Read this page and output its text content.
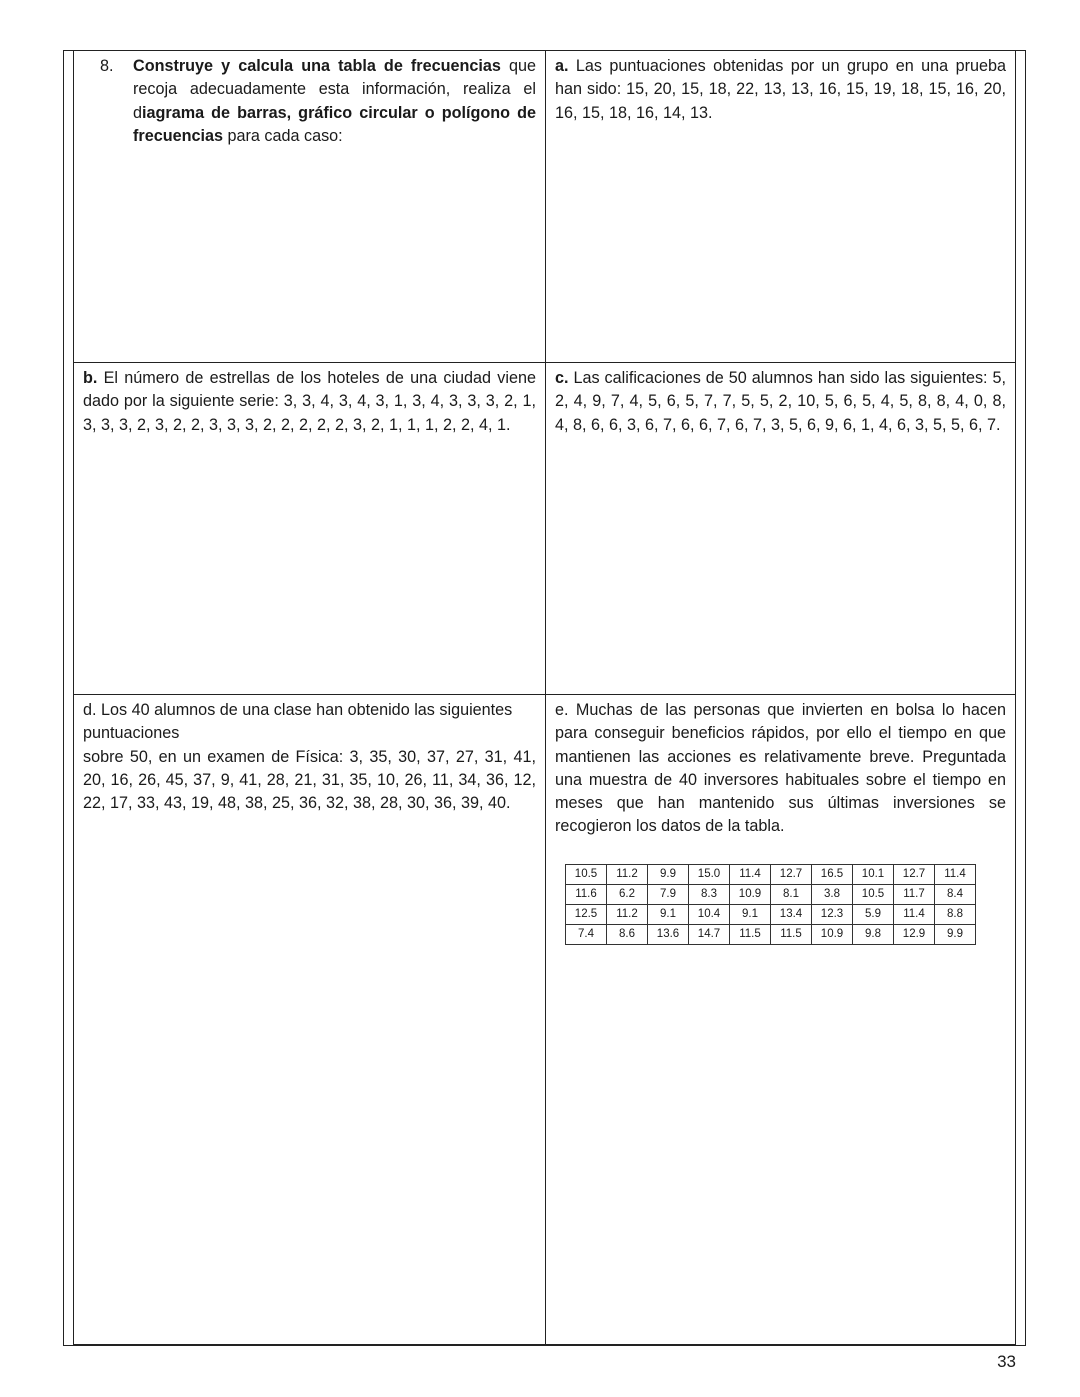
8.	Construye y calcula una tabla de frecuencias que recoja adecuadamente esta información, realiza el diagrama de barras, gráfico circular o polígono de frecuencias para cada caso:
a. Las puntuaciones obtenidas por un grupo en una prueba han sido: 15, 20, 15, 18, 22, 13, 13, 16, 15, 19, 18, 15, 16, 20, 16, 15, 18, 16, 14, 13.
b. El número de estrellas de los hoteles de una ciudad viene dado por la siguiente serie: 3, 3, 4, 3, 4, 3, 1, 3, 4, 3, 3, 3, 2, 1, 3, 3, 3, 2, 3, 2, 2, 3, 3, 3, 2, 2, 2, 2, 2, 3, 2, 1, 1, 1, 2, 2, 4, 1.
c. Las calificaciones de 50 alumnos han sido las siguientes: 5, 2, 4, 9, 7, 4, 5, 6, 5, 7, 7, 5, 5, 2, 10, 5, 6, 5, 4, 5, 8, 8, 4, 0, 8, 4, 8, 6, 6, 3, 6, 7, 6, 6, 7, 6, 7, 3, 5, 6, 9, 6, 1, 4, 6, 3, 5, 5, 6, 7.
d. Los 40 alumnos de una clase han obtenido las siguientes puntuaciones
sobre 50, en un examen de Física: 3, 35, 30, 37, 27, 31, 41, 20, 16, 26, 45, 37, 9, 41, 28, 21, 31, 35, 10, 26, 11, 34, 36, 12, 22, 17, 33, 43, 19, 48, 38, 25, 36, 32, 38, 28, 30, 36, 39, 40.
e. Muchas de las personas que invierten en bolsa lo hacen para conseguir beneficios rápidos, por ello el tiempo en que mantienen las acciones es relativamente breve. Preguntada una muestra de 40 inversores habituales sobre el tiempo en meses que han mantenido sus últimas inversiones se recogieron los datos de la tabla.
10.5	11.2	9.9	15.0	11.4	12.7	16.5	10.1	12.7	11.4
11.6	6.2	7.9	8.3	10.9	8.1	3.8	10.5	11.7	8.4
12.5	11.2	9.1	10.4	9.1	13.4	12.3	5.9	11.4	8.8
7.4	8.6	13.6	14.7	11.5	11.5	10.9	9.8	12.9	9.9
33
